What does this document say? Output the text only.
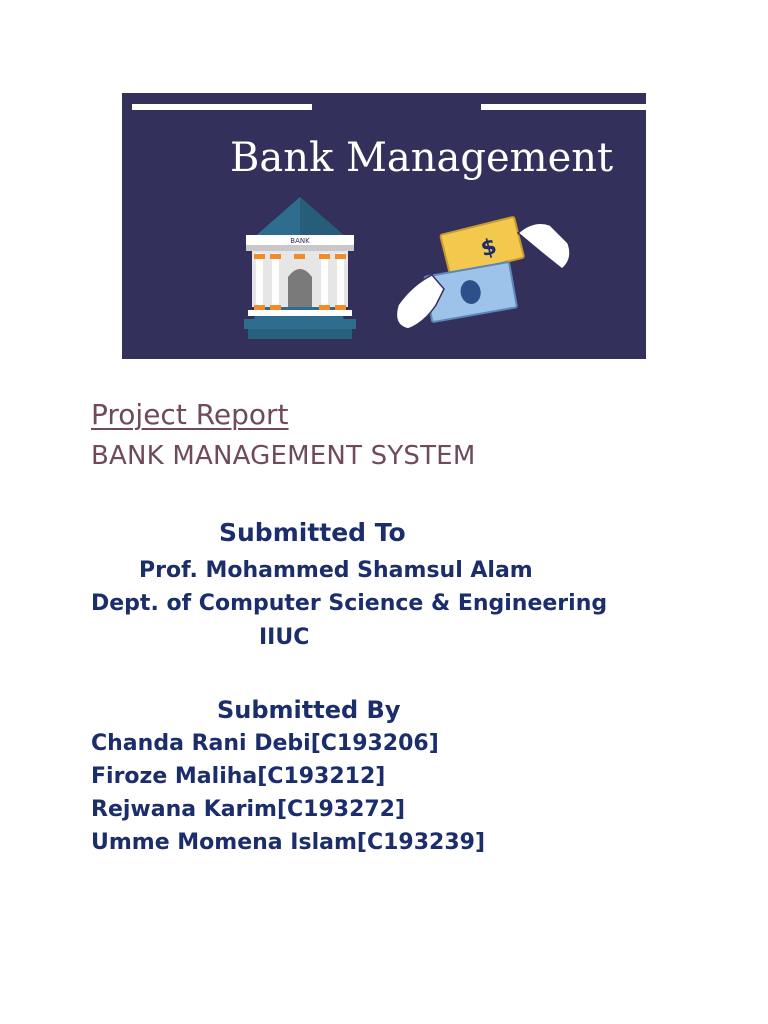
Bank Management
BANK	$
Project Report
BANK MANAGEMENT SYSTEM
Submitted To
Prof. Mohammed Shamsul Alam
Dept. of Computer Science & Engineering
IIUC
Submitted By
Chanda Rani Debi[C193206]
Firoze Maliha[C193212]
Rejwana Karim[C193272]
Umme Momena Islam[C193239]
